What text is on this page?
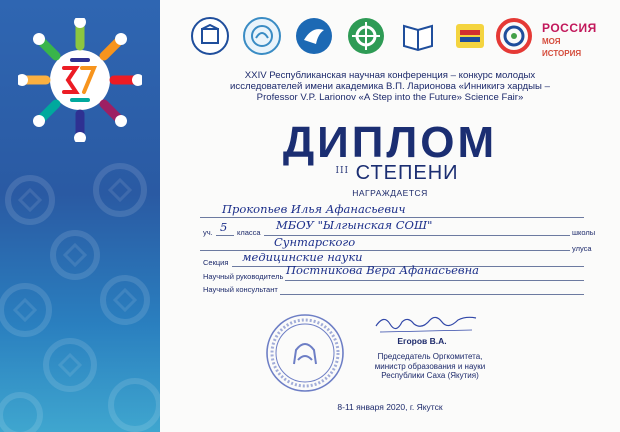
РОССИЯ
МОЯ ИСТОРИЯ
XXIV Республиканская научная конференция – конкурс молодых
исследователей имени академика В.П. Ларионова «Инникигэ хардыы –
Professor V.P. Larionov «A Step into the Future» Science Fair»
ДИПЛОМ
$^{III}$ СТЕПЕНИ
НАГРАЖДАЕТСЯ
Прокопьев Илья Афанасьевич
уч. 5 класса
МБОУ "Ылгынская СОШ"
школы
Сунтарского	улуса
Секция медицинские науки
Научный руководитель Постникова Вера Афанасьевна
Научный консультант
Егоров В.А.
Председатель Оргкомитета,
министр образования и науки
Республики Саха (Якутия)
8-11 января 2020, г. Якутск
